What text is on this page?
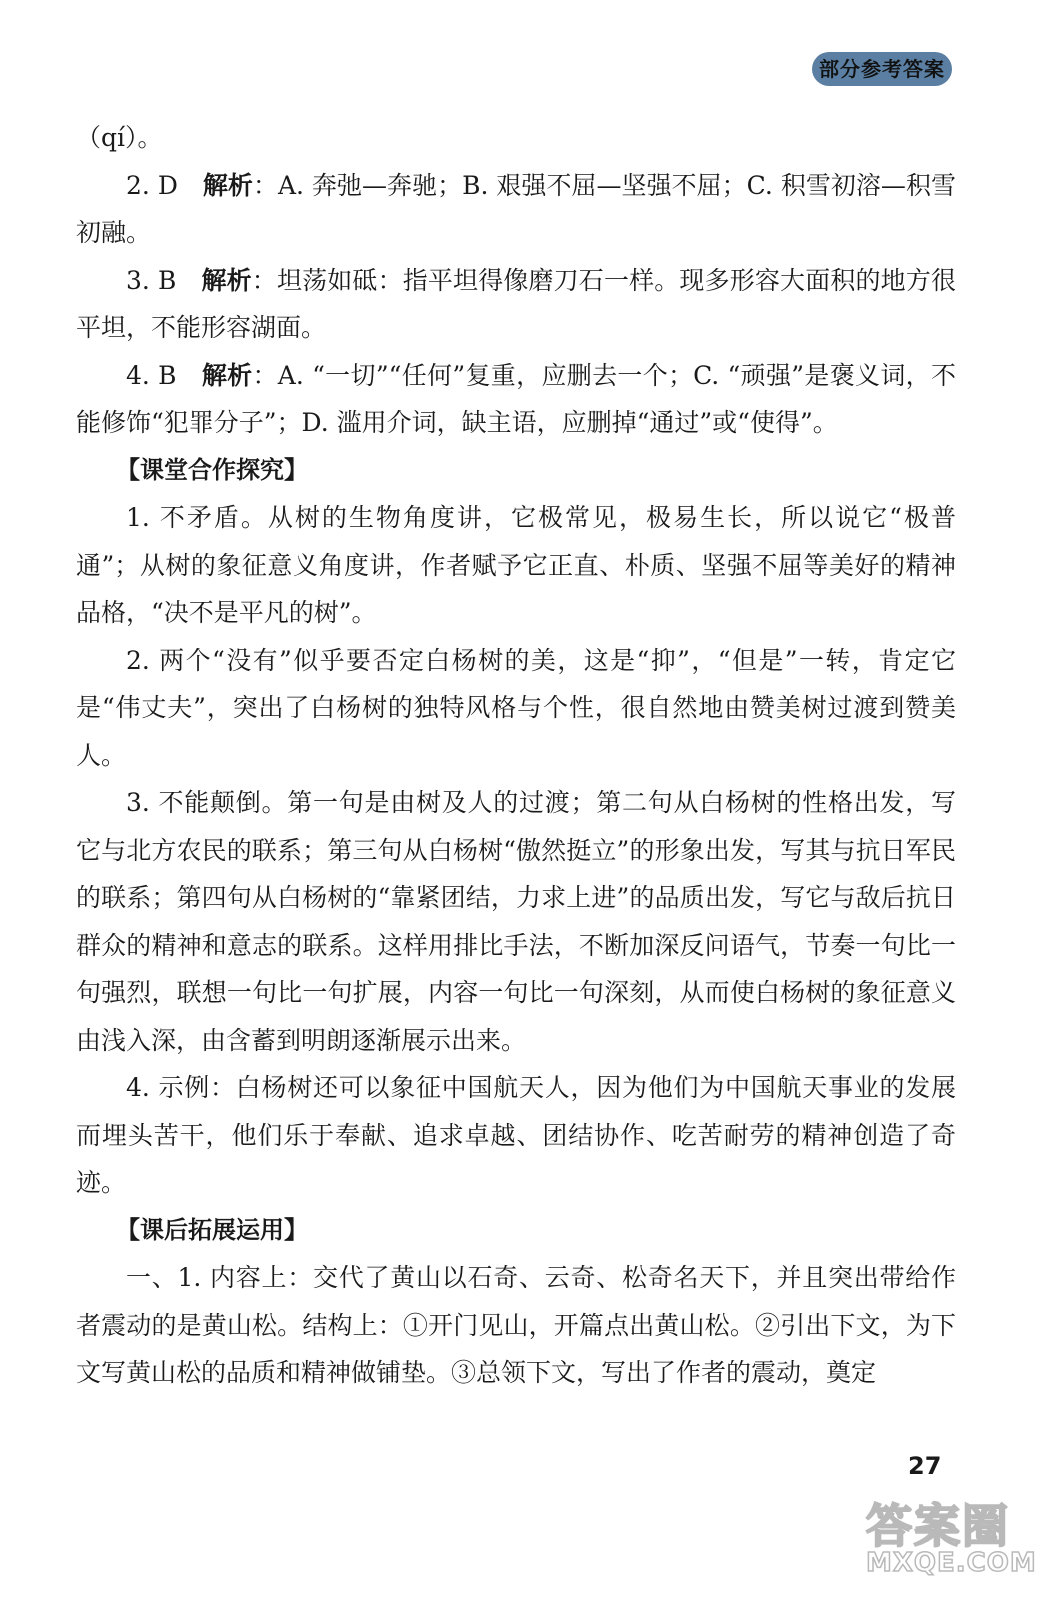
部分参考答案

（qí）。

2. D  解析：A. 奔弛—奔驰；B. 艰强不屈—坚强不屈；C. 积雪初溶—积雪初融。

3. B  解析：坦荡如砥：指平坦得像磨刀石一样。现多形容大面积的地方很平坦，不能形容湖面。

4. B  解析：A. “一切”“任何”复重，应删去一个；C. “顽强”是褒义词，不能修饰“犯罪分子”；D. 滥用介词，缺主语，应删掉“通过”或“使得”。

【课堂合作探究】

1. 不矛盾。从树的生物角度讲，它极常见，极易生长，所以说它“极普通”；从树的象征意义角度讲，作者赋予它正直、朴质、坚强不屈等美好的精神品格，“决不是平凡的树”。

2. 两个“没有”似乎要否定白杨树的美，这是“抑”，“但是”一转，肯定它是“伟丈夫”，突出了白杨树的独特风格与个性，很自然地由赞美树过渡到赞美人。

3. 不能颠倒。第一句是由树及人的过渡；第二句从白杨树的性格出发，写它与北方农民的联系；第三句从白杨树“傲然挺立”的形象出发，写其与抗日军民的联系；第四句从白杨树的“靠紧团结，力求上进”的品质出发，写它与敌后抗日群众的精神和意志的联系。这样用排比手法，不断加深反问语气，节奏一句比一句强烈，联想一句比一句扩展，内容一句比一句深刻，从而使白杨树的象征意义由浅入深，由含蓄到明朗逐渐展示出来。

4. 示例：白杨树还可以象征中国航天人，因为他们为中国航天事业的发展而埋头苦干，他们乐于奉献、追求卓越、团结协作、吃苦耐劳的精神创造了奇迹。

【课后拓展运用】

一、1. 内容上：交代了黄山以石奇、云奇、松奇名天下，并且突出带给作者震动的是黄山松。结构上：①开门见山，开篇点出黄山松。②引出下文，为下文写黄山松的品质和精神做铺垫。③总领下文，写出了作者的震动，奠定

27
答案圈
MXQE.COM
